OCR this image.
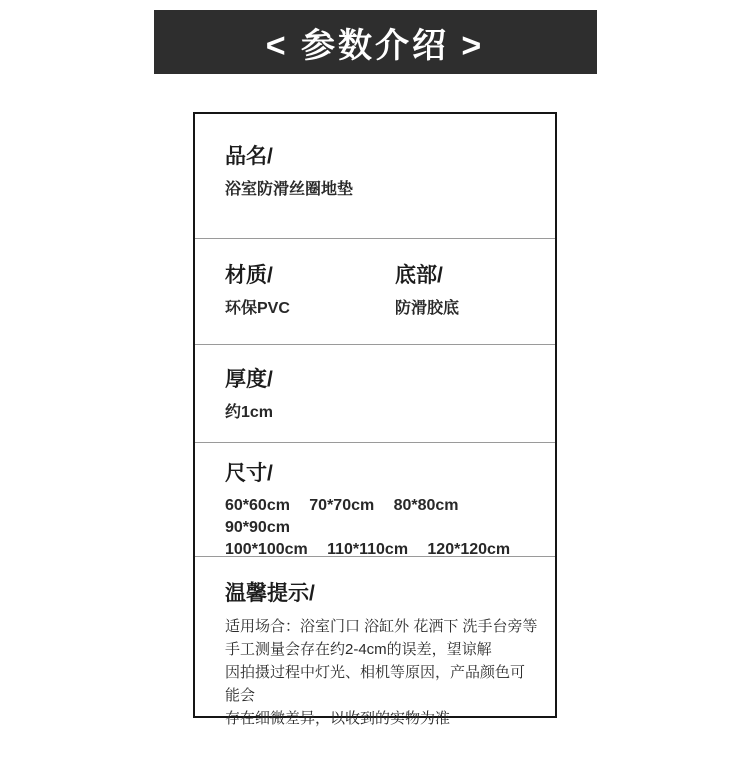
< 参数介绍 >
品名/
浴室防滑丝圈地垫
材质/
环保PVC
底部/
防滑胶底
厚度/
约1cm
尺寸/
60*60cm   70*70cm   80*80cm   90*90cm
100*100cm   110*110cm   120*120cm
温馨提示/
适用场合：浴室门口 浴缸外 花洒下 洗手台旁等
手工测量会存在约2-4cm的误差，望谅解
因拍摄过程中灯光、相机等原因，产品颜色可能会
存在细微差异，以收到的实物为准
